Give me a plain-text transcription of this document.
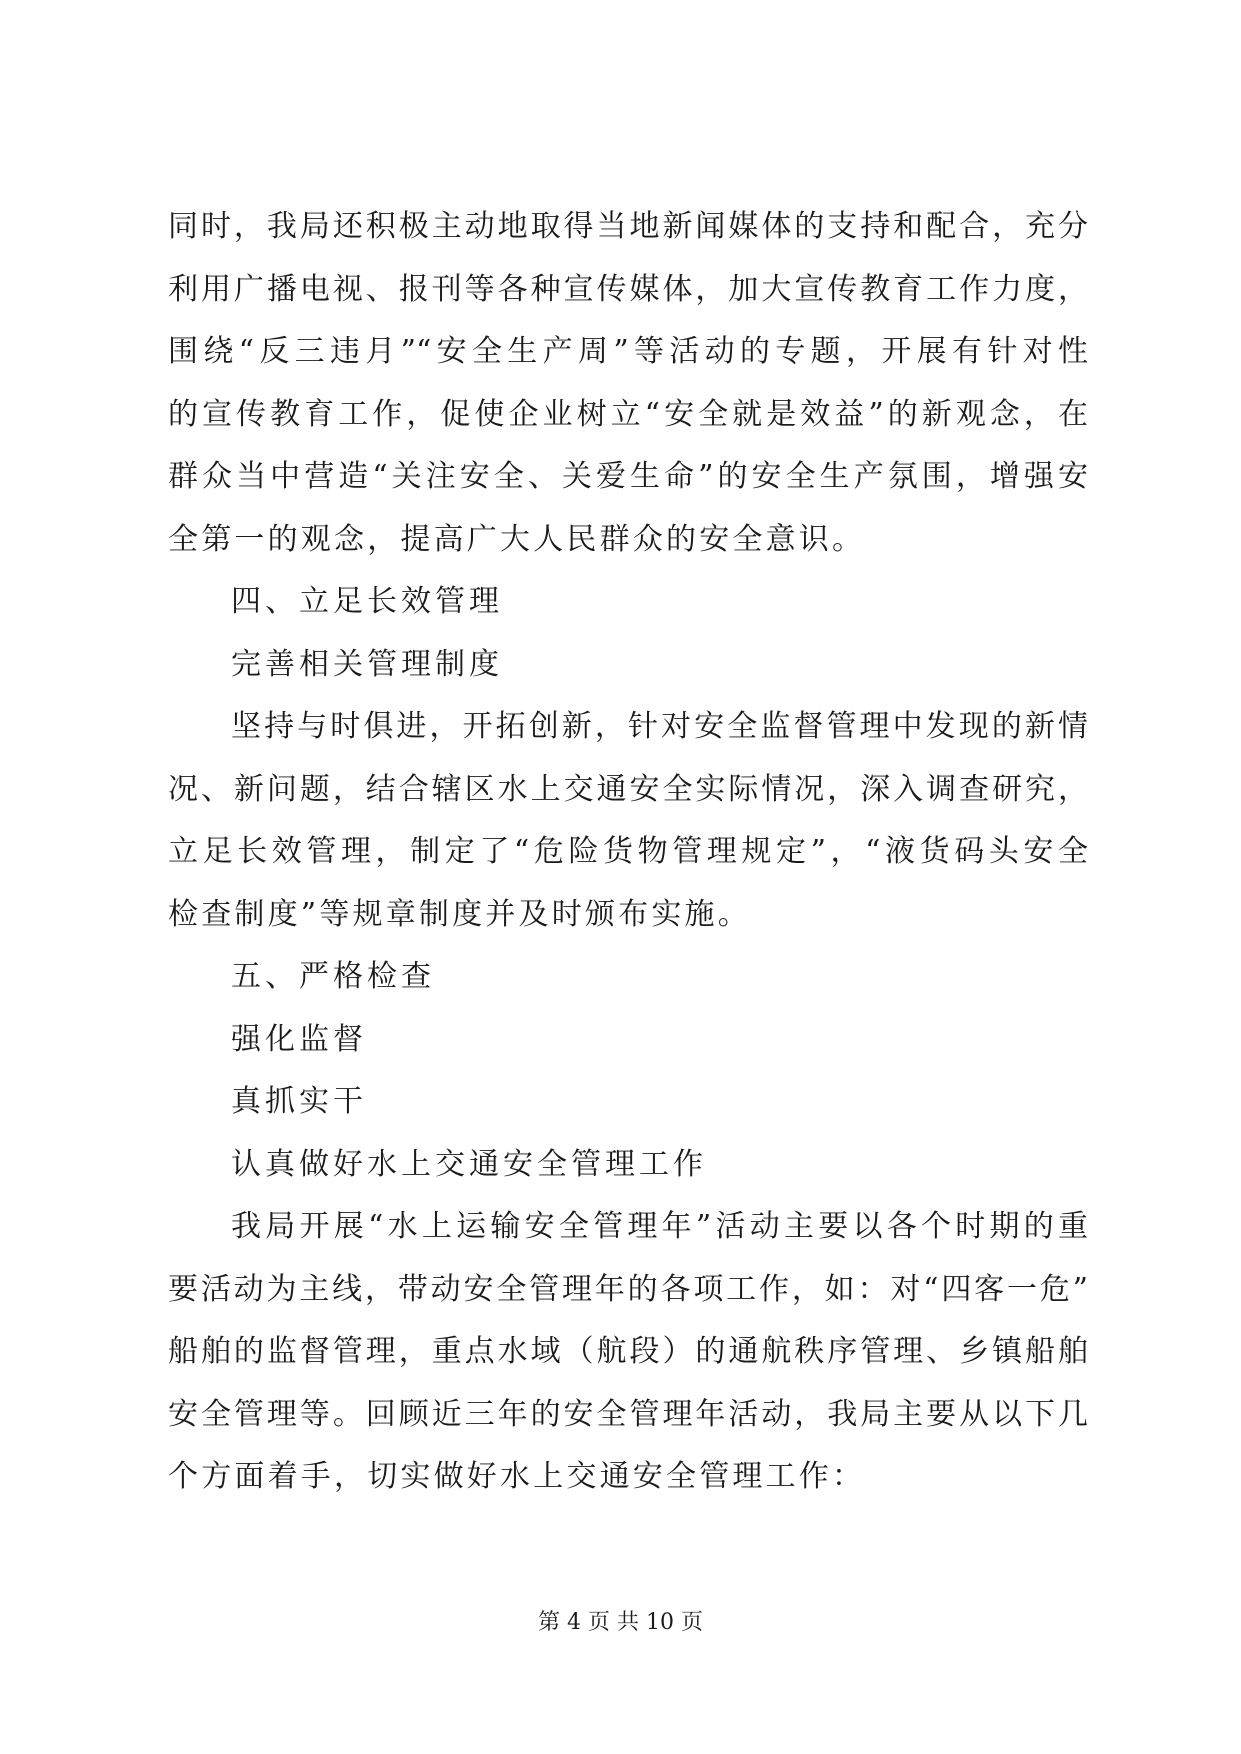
同时，我局还积极主动地取得当地新闻媒体的支持和配合，充分
利用广播电视、报刊等各种宣传媒体，加大宣传教育工作力度，
围绕“反三违月”“安全生产周”等活动的专题，开展有针对性
的宣传教育工作，促使企业树立“安全就是效益”的新观念，在
群众当中营造“关注安全、关爱生命”的安全生产氛围，增强安
全第一的观念，提高广大人民群众的安全意识。
四、立足长效管理
完善相关管理制度
坚持与时俱进，开拓创新，针对安全监督管理中发现的新情
况、新问题，结合辖区水上交通安全实际情况，深入调查研究，
立足长效管理，制定了“危险货物管理规定”，“液货码头安全
检查制度”等规章制度并及时颁布实施。
五、严格检查
强化监督
真抓实干
认真做好水上交通安全管理工作
我局开展“水上运输安全管理年”活动主要以各个时期的重
要活动为主线，带动安全管理年的各项工作，如：对“四客一危”
船舶的监督管理，重点水域（航段）的通航秩序管理、乡镇船舶
安全管理等。回顾近三年的安全管理年活动，我局主要从以下几
个方面着手，切实做好水上交通安全管理工作：
第 4 页 共 10 页
